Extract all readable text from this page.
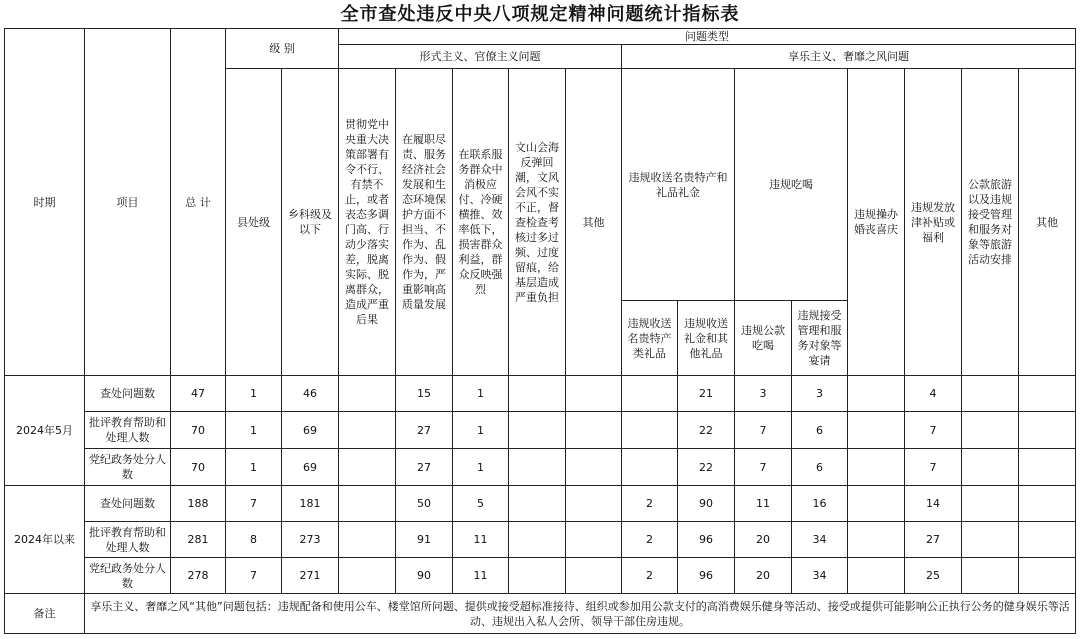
全市查处违反中央八项规定精神问题统计指标表
时期	项目	总 计	级 别		问题类型												
					形式主义、官僚主义问题					享乐主义、奢靡之风问题							
			县处级	乡科级及以下	贯彻党中央重大决策部署有令不行、有禁不止，或者表态多调门高、行动少落实差，脱离实际、脱离群众，造成严重后果	在履职尽责、服务经济社会发展和生态环境保护方面不担当、不作为、乱作为、假作为，严重影响高质量发展	在联系服务群众中消极应付、冷硬横推、效率低下，损害群众利益，群众反映强烈	文山会海反弹回潮，文风会风不实不正，督查检查考核过多过频、过度留痕，给基层造成严重负担	其他	违规收送名贵特产和礼品礼金		违规吃喝		违规操办婚丧喜庆	违规发放津补贴或福利	公款旅游以及违规接受管理和服务对象等旅游活动安排	其他
										违规收送名贵特产类礼品	违规收送礼金和其他礼品	违规公款吃喝	违规接受管理和服务对象等宴请				
2024年5月	查处问题数	47	1	46		15	1				21	3	3		4		
	批评教育帮助和处理人数	70	1	69		27	1				22	7	6		7		
	党纪政务处分人数	70	1	69		27	1				22	7	6		7		
2024年以来	查处问题数	188	7	181		50	5			2	90	11	16		14		
	批评教育帮助和处理人数	281	8	273		91	11			2	96	20	34		27		
	党纪政务处分人数	278	7	271		90	11			2	96	20	34		25		
备注	享乐主义、奢靡之风“其他”问题包括：违规配备和使用公车、楼堂馆所问题、提供或接受超标准接待、组织或参加用公款支付的高消费娱乐健身等活动、接受或提供可能影响公正执行公务的健身娱乐等活动、违规出入私人会所、领导干部住房违规。																
